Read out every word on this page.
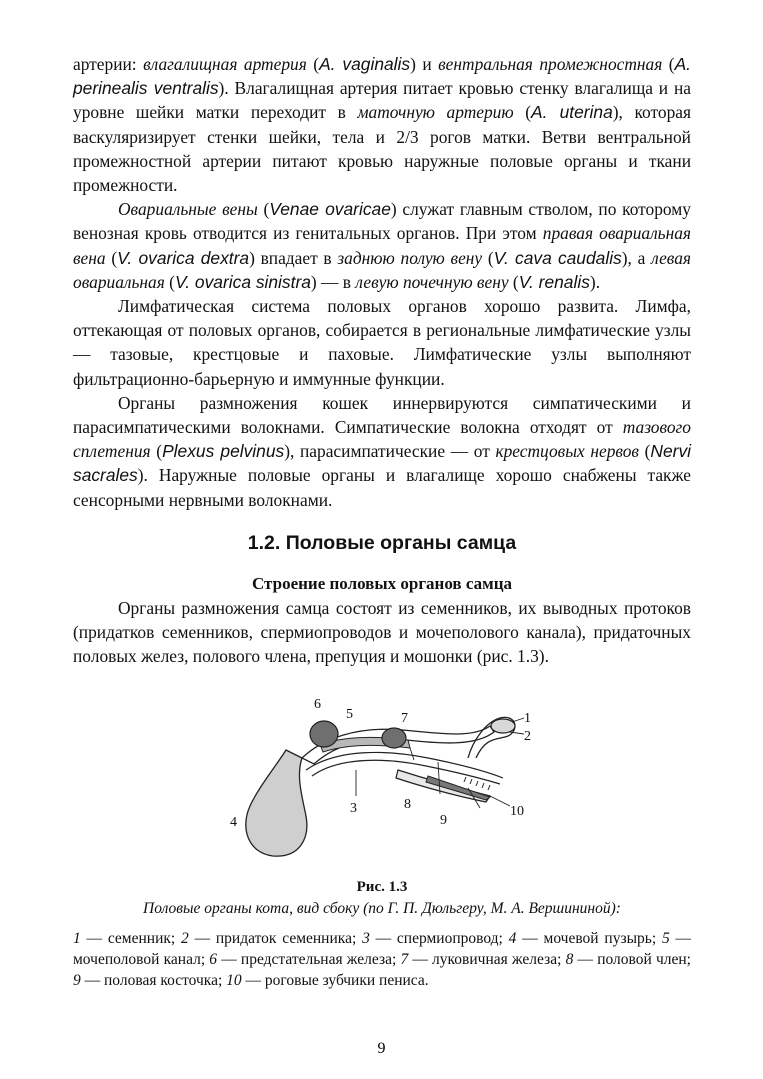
артерии: влагалищная артерия (A. vaginalis) и вентральная промежностная (A. perinealis ventralis). Влагалищная артерия питает кровью стенку влагалища и на уровне шейки матки переходит в маточную артерию (A. uterina), которая васкуляризирует стенки шейки, тела и 2/3 рогов матки. Ветви вентральной промежностной артерии питают кровью наружные половые органы и ткани промежности.

Овариальные вены (Venae ovaricae) служат главным стволом, по которому венозная кровь отводится из генитальных органов. При этом правая овариальная вена (V. ovarica dextra) впадает в заднюю полую вену (V. cava caudalis), а левая овариальная (V. ovarica sinistra) — в левую почечную вену (V. renalis).

Лимфатическая система половых органов хорошо развита. Лимфа, оттекающая от половых органов, собирается в региональные лимфатические узлы — тазовые, крестцовые и паховые. Лимфатические узлы выполняют фильтрационно-барьерную и иммунные функции.

Органы размножения кошек иннервируются симпатическими и парасимпатическими волокнами. Симпатические волокна отходят от тазового сплетения (Plexus pelvinus), парасимпатические — от крестцовых нервов (Nervi sacrales). Наружные половые органы и влагалище хорошо снабжены также сенсорными нервными волокнами.

1.2. Половые органы самца
Строение половых органов самца

Органы размножения самца состоят из семенников, их выводных протоков (придатков семенников, спермиопроводов и мочеполового канала), придаточных половых желез, полового члена, препуция и мошонки (рис. 1.3).

6
5	7	1
2
10
3	8
9
4
Рис. 1.3
Половые органы кота, вид сбоку (по Г. П. Дюльгеру, М. А. Вершининой):
1 — семенник; 2 — придаток семенника; 3 — спермиопровод; 4 — мочевой пузырь; 5 — мочеполовой канал; 6 — предстательная железа; 7 — луковичная железа; 8 — половой член; 9 — половая косточка; 10 — роговые зубчики пениса.
9
